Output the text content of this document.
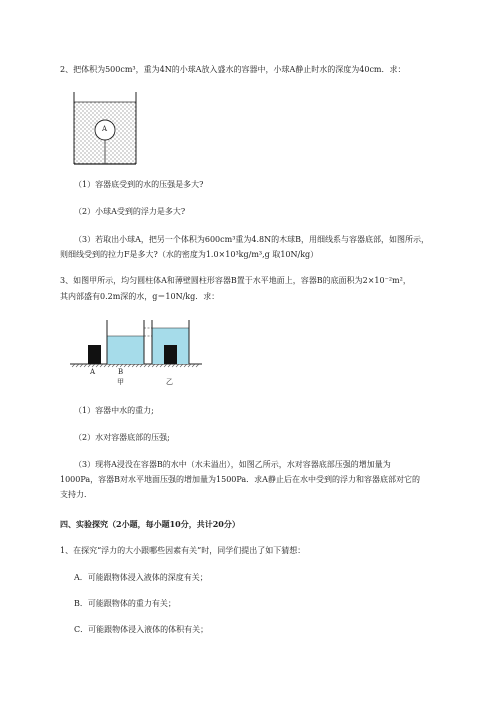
2、把体积为500cm³，重为4N的小球A放入盛水的容器中，小球A静止时水的深度为40cm．求：
A
（1）容器底受到的水的压强是多大?
（2）小球A受到的浮力是多大?
（3）若取出小球A，把另一个体积为600cm³重为4.8N的木球B，用细线系与容器底部，如图所示，
则细线受到的拉力F是多大?（水的密度为1.0×10³kg/m³,g 取10N/kg）
3、如图甲所示，均匀圆柱体A和薄壁圆柱形容器B置于水平地面上，容器B的底面积为2×10⁻²m²，
其内部盛有0.2m深的水，g＝10N/kg．求：
A	B
甲	乙
（1）容器中水的重力;
（2）水对容器底部的压强;
（3）现将A浸没在容器B的水中（水未溢出），如图乙所示，水对容器底部压强的增加量为
1000Pa，容器B对水平地面压强的增加量为1500Pa．求A静止后在水中受到的浮力和容器底部对它的
支持力．
四、实验探究（2小题，每小题10分，共计20分）
1、在探究“浮力的大小跟哪些因素有关”时，同学们提出了如下猜想：
A．可能跟物体浸入液体的深度有关；
B．可能跟物体的重力有关；
C．可能跟物体浸入液体的体积有关；
